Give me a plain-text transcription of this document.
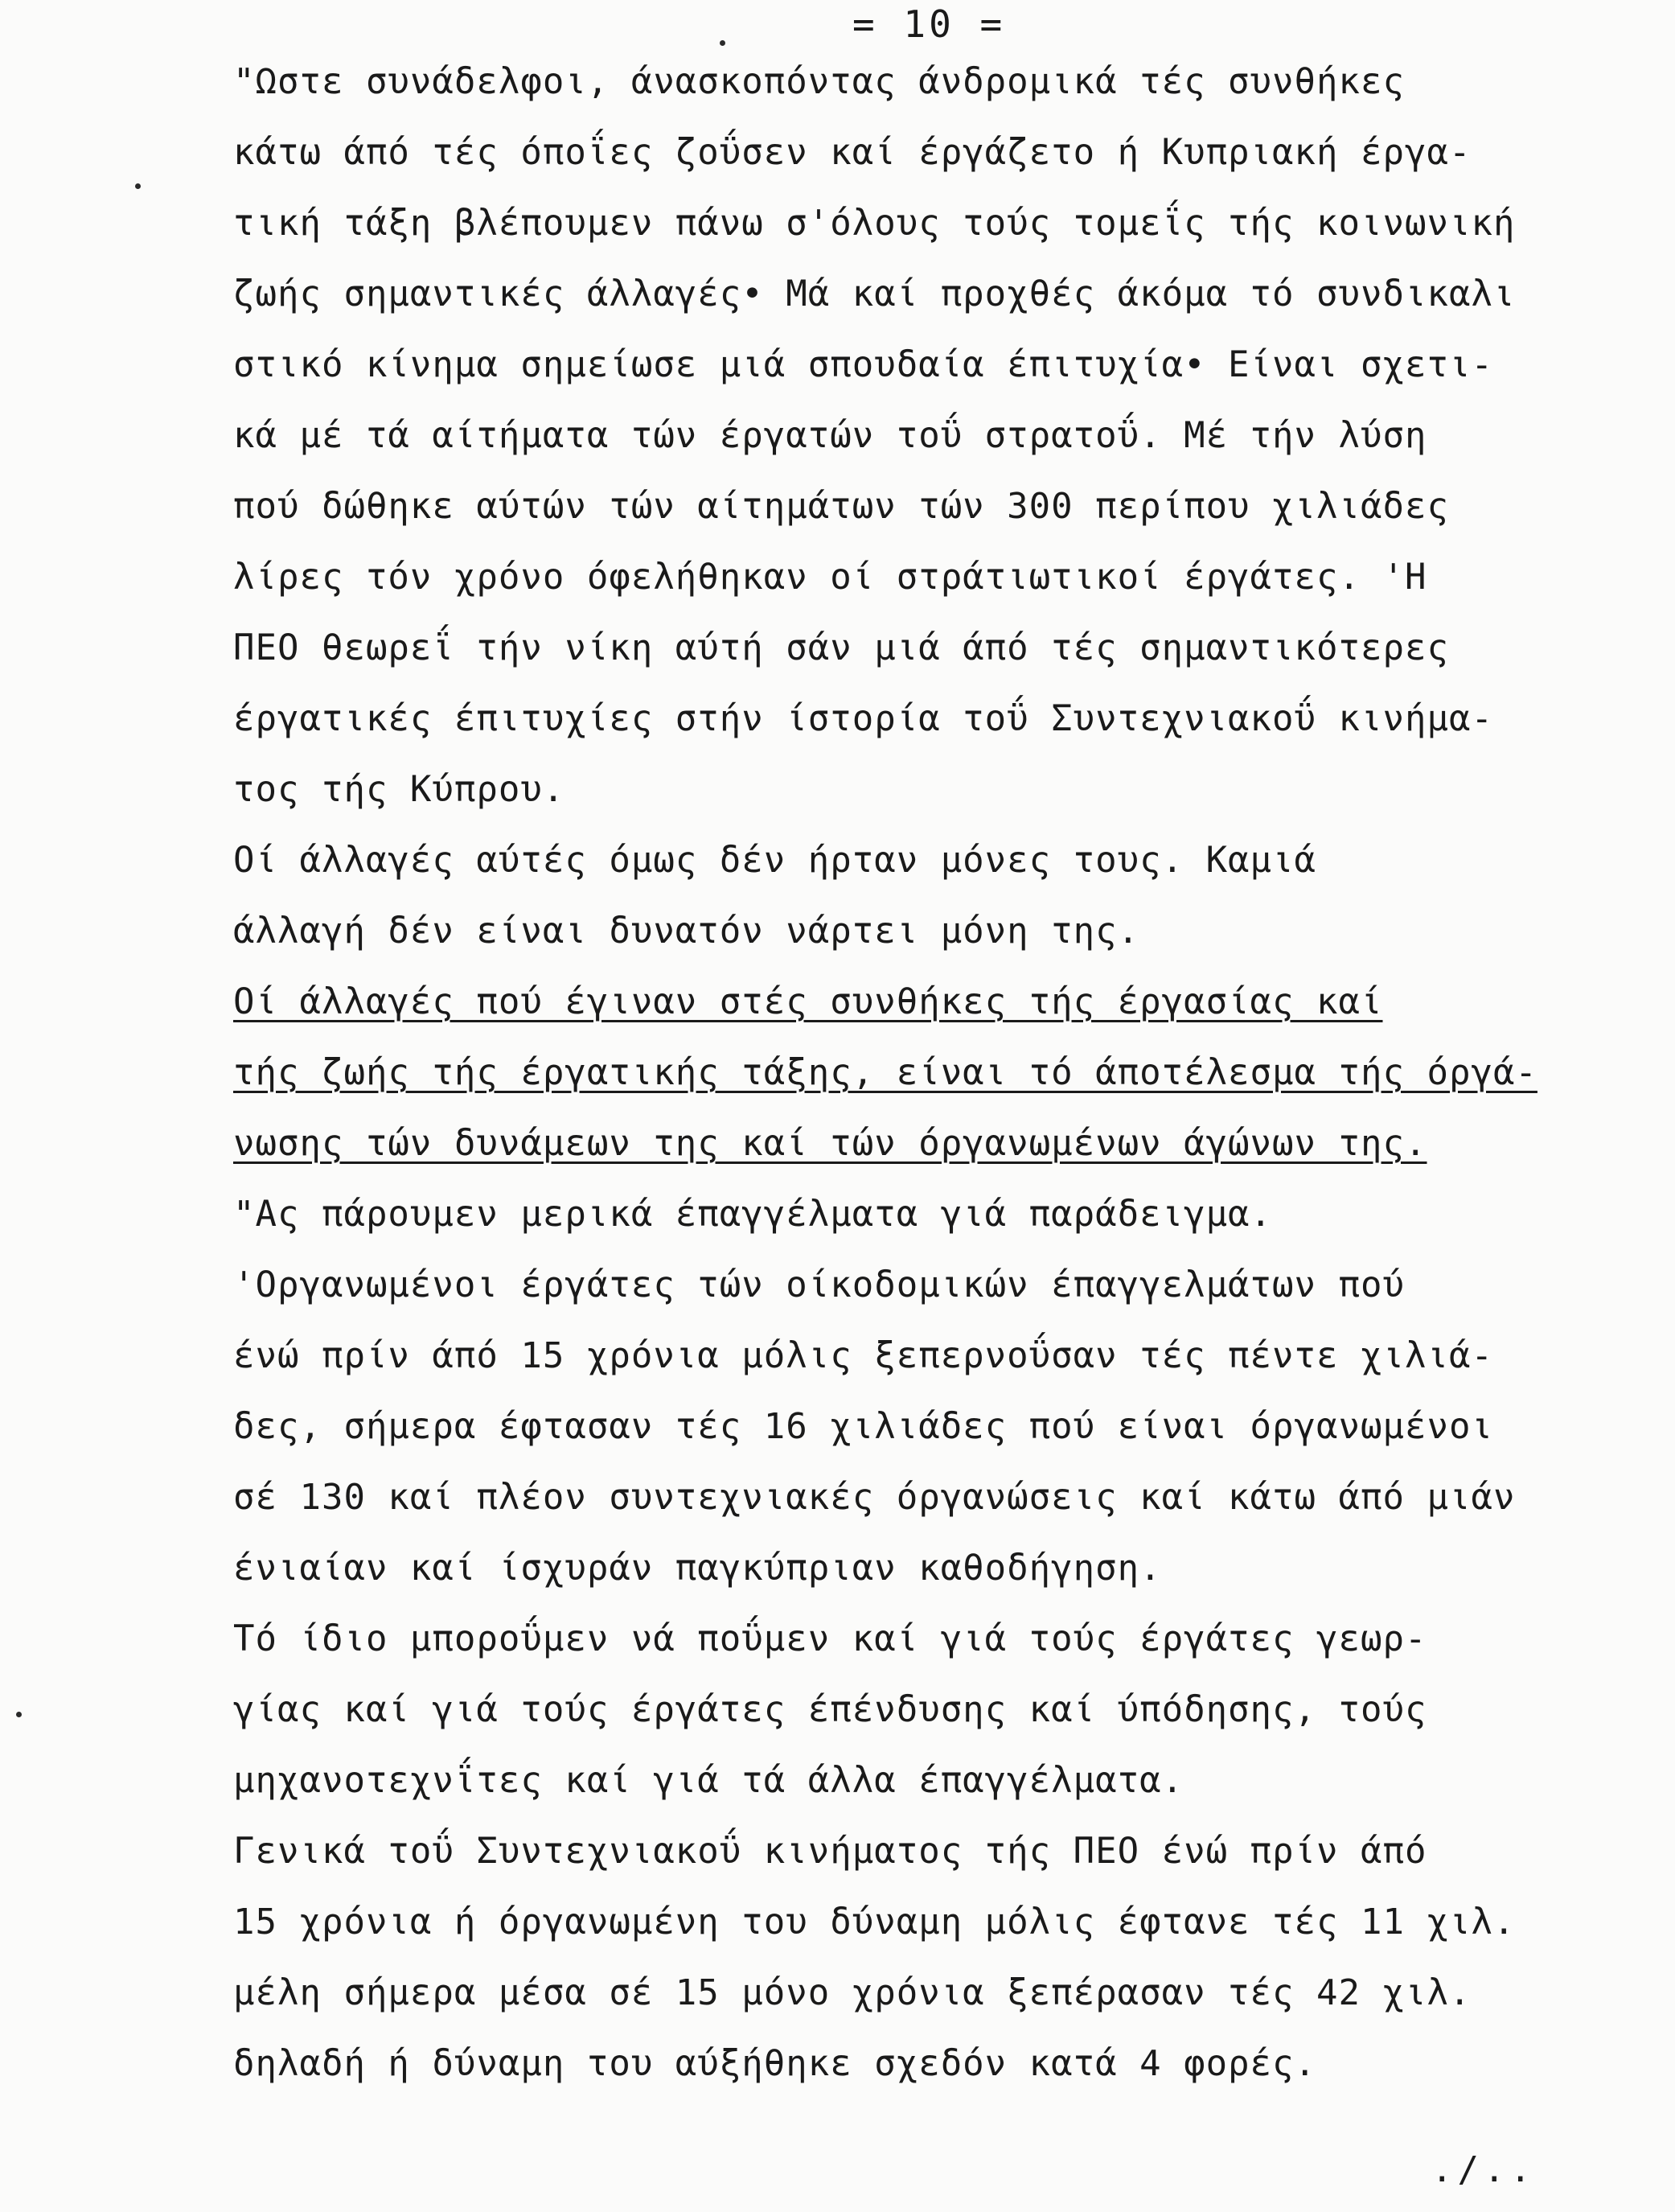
= 10 =
"Ωστε συνάδελφοι, άνασκοπόντας άνδρομικά τές συνθήκες
κάτω άπό τές όποΐες ζοΰσεν καί έργάζετο ή Κυπριακή έργα-
τική τάξη βλέπουμεν πάνω σ'όλους τούς τομεΐς τής κοινωνική
ζωής σημαντικές άλλαγές• Μά καί προχθές άκόμα τό συνδικαλι
στικό κίνημα σημείωσε μιά σπουδαία έπιτυχία• Είναι σχετι-
κά μέ τά αίτήματα τών έργατών τοΰ στρατοΰ. Μέ τήν λύση
πού δώθηκε αύτών τών αίτημάτων τών 300 περίπου χιλιάδες
λίρες τόν χρόνο όφελήθηκαν οί στράτιωτικοί έργάτες. 'Η
ΠΕΟ θεωρεΐ τήν νίκη αύτή σάν μιά άπό τές σημαντικότερες
έργατικές έπιτυχίες στήν ίστορία τοΰ Συντεχνιακοΰ κινήμα-
τος τής Κύπρου.
Οί άλλαγές αύτές όμως δέν ήρταν μόνες τους. Καμιά
άλλαγή δέν είναι δυνατόν νάρτει μόνη της.
Οί άλλαγές πού έγιναν στές συνθήκες τής έργασίας καί
τής ζωής τής έργατικής τάξης, είναι τό άποτέλεσμα τής όργά-
νωσης τών δυνάμεων της καί τών όργανωμένων άγώνων της.
"Ας πάρουμεν μερικά έπαγγέλματα γιά παράδειγμα.
'Οργανωμένοι έργάτες τών οίκοδομικών έπαγγελμάτων πού
ένώ πρίν άπό 15 χρόνια μόλις ξεπερνοΰσαν τές πέντε χιλιά-
δες, σήμερα έφτασαν τές 16 χιλιάδες πού είναι όργανωμένοι
σέ 130 καί πλέον συντεχνιακές όργανώσεις καί κάτω άπό μιάν
ένιαίαν καί ίσχυράν παγκύπριαν καθοδήγηση.
Τό ίδιο μποροΰμεν νά ποΰμεν καί γιά τούς έργάτες γεωρ-
γίας καί γιά τούς έργάτες έπένδυσης καί ύπόδησης, τούς
μηχανοτεχνΐτες καί γιά τά άλλα έπαγγέλματα.
Γενικά τοΰ Συντεχνιακοΰ κινήματος τής ΠΕΟ ένώ πρίν άπό
15 χρόνια ή όργανωμένη του δύναμη μόλις έφτανε τές 11 χιλ.
μέλη σήμερα μέσα σέ 15 μόνο χρόνια ξεπέρασαν τές 42 χιλ.
δηλαδή ή δύναμη του αύξήθηκε σχεδόν κατά 4 φορές.
./..
